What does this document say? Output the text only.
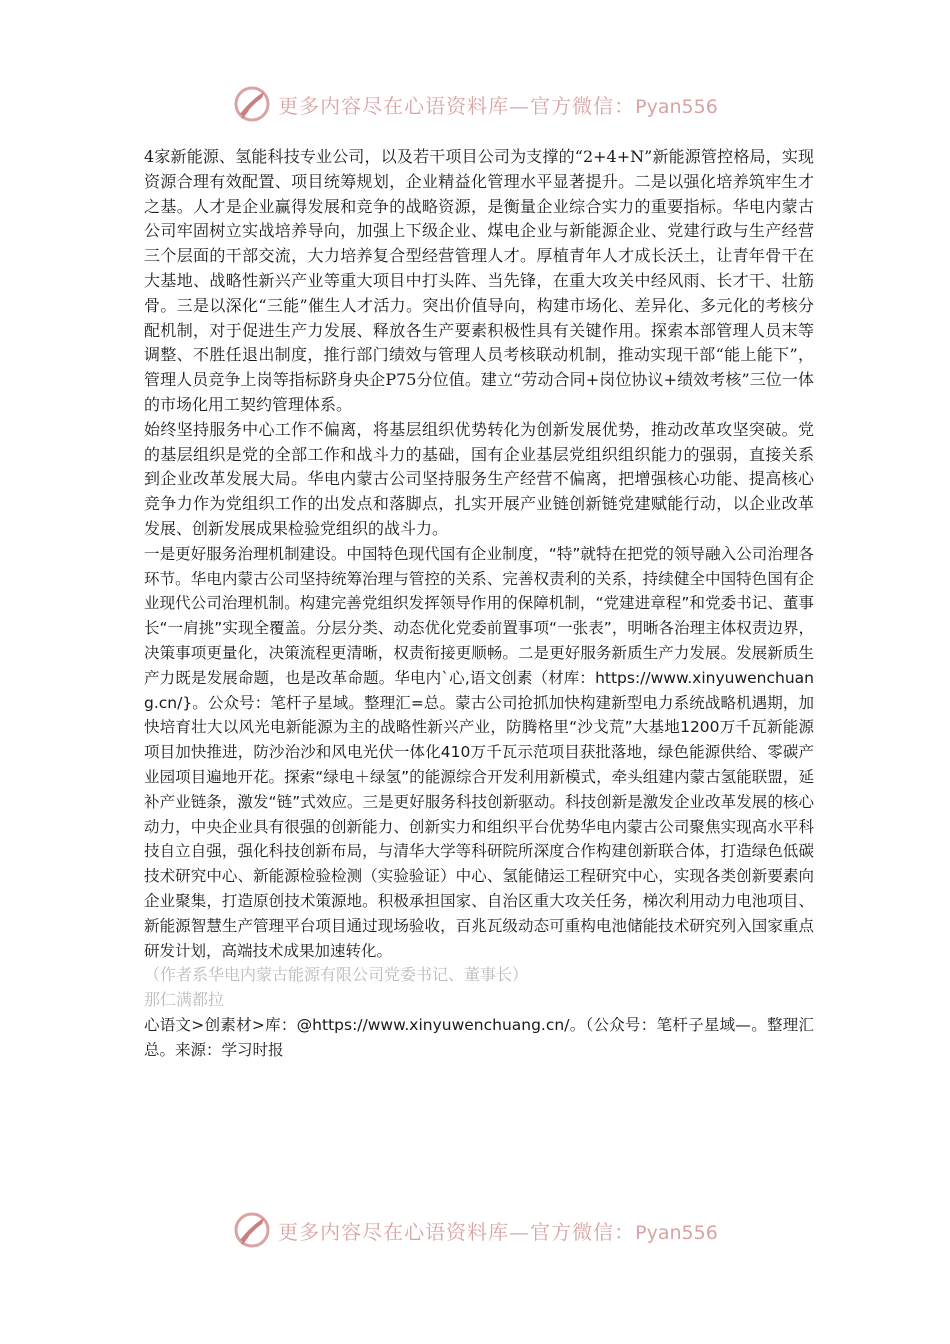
更多内容尽在心语资料库—官方微信：Pyan556

4家新能源、氢能科技专业公司，以及若干项目公司为支撑的“2+4+N”新能源管控格局，实现资源合理有效配置、项目统筹规划，企业精益化管理水平显著提升。二是以强化培养筑牢生才之基。人才是企业赢得发展和竞争的战略资源，是衡量企业综合实力的重要指标。华电内蒙古公司牢固树立实战培养导向，加强上下级企业、煤电企业与新能源企业、党建行政与生产经营三个层面的干部交流，大力培养复合型经营管理人才。厚植青年人才成长沃土，让青年骨干在大基地、战略性新兴产业等重大项目中打头阵、当先锋，在重大攻关中经风雨、长才干、壮筋骨。三是以深化“三能”催生人才活力。突出价值导向，构建市场化、差异化、多元化的考核分配机制，对于促进生产力发展、释放各生产要素积极性具有关键作用。探索本部管理人员末等调整、不胜任退出制度，推行部门绩效与管理人员考核联动机制，推动实现干部“能上能下”，管理人员竞争上岗等指标跻身央企P75分位值。建立“劳动合同+岗位协议+绩效考核”三位一体的市场化用工契约管理体系。

始终坚持服务中心工作不偏离，将基层组织优势转化为创新发展优势，推动改革攻坚突破。党的基层组织是党的全部工作和战斗力的基础，国有企业基层党组织组织能力的强弱，直接关系到企业改革发展大局。华电内蒙古公司坚持服务生产经营不偏离，把增强核心功能、提高核心竞争力作为党组织工作的出发点和落脚点，扎实开展产业链创新链党建赋能行动，以企业改革发展、创新发展成果检验党组织的战斗力。

一是更好服务治理机制建设。中国特色现代国有企业制度，“特”就特在把党的领导融入公司治理各环节。华电内蒙古公司坚持统筹治理与管控的关系、完善权责利的关系，持续健全中国特色国有企业现代公司治理机制。构建完善党组织发挥领导作用的保障机制，“党建进章程”和党委书记、董事长“一肩挑”实现全覆盖。分层分类、动态优化党委前置事项“一张表”，明晰各治理主体权责边界，决策事项更量化，决策流程更清晰，权责衔接更顺畅。二是更好服务新质生产力发展。发展新质生产力既是发展命题，也是改革命题。华电内`心,语文创素（材库：https://www.xinyuwenchuang.cn/}。公众号：笔杆子星域。整理汇=总。蒙古公司抢抓加快构建新型电力系统战略机遇期，加快培育壮大以风光电新能源为主的战略性新兴产业，防腾格里“沙戈荒”大基地1200万千瓦新能源项目加快推进，防沙治沙和风电光伏一体化410万千瓦示范项目获批落地，绿色能源供给、零碳产业园项目遍地开花。探索“绿电＋绿氢”的能源综合开发利用新模式，牵头组建内蒙古氢能联盟，延补产业链条，激发“链”式效应。三是更好服务科技创新驱动。科技创新是激发企业改革发展的核心动力，中央企业具有很强的创新能力、创新实力和组织平台优势华电内蒙古公司聚焦实现高水平科技自立自强，强化科技创新布局，与清华大学等科研院所深度合作构建创新联合体，打造绿色低碳技术研究中心、新能源检验检测（实验验证）中心、氢能储运工程研究中心，实现各类创新要素向企业聚集，打造原创技术策源地。积极承担国家、自治区重大攻关任务，梯次利用动力电池项目、新能源智慧生产管理平台项目通过现场验收，百兆瓦级动态可重构电池储能技术研究列入国家重点研发计划，高端技术成果加速转化。

（作者系华电内蒙古能源有限公司党委书记、董事长）

那仁满都拉

心语文>创素材>库：@https://www.xinyuwenchuang.cn/。（公众号：笔杆子星域—。整理汇总。来源：学习时报

更多内容尽在心语资料库—官方微信：Pyan556
